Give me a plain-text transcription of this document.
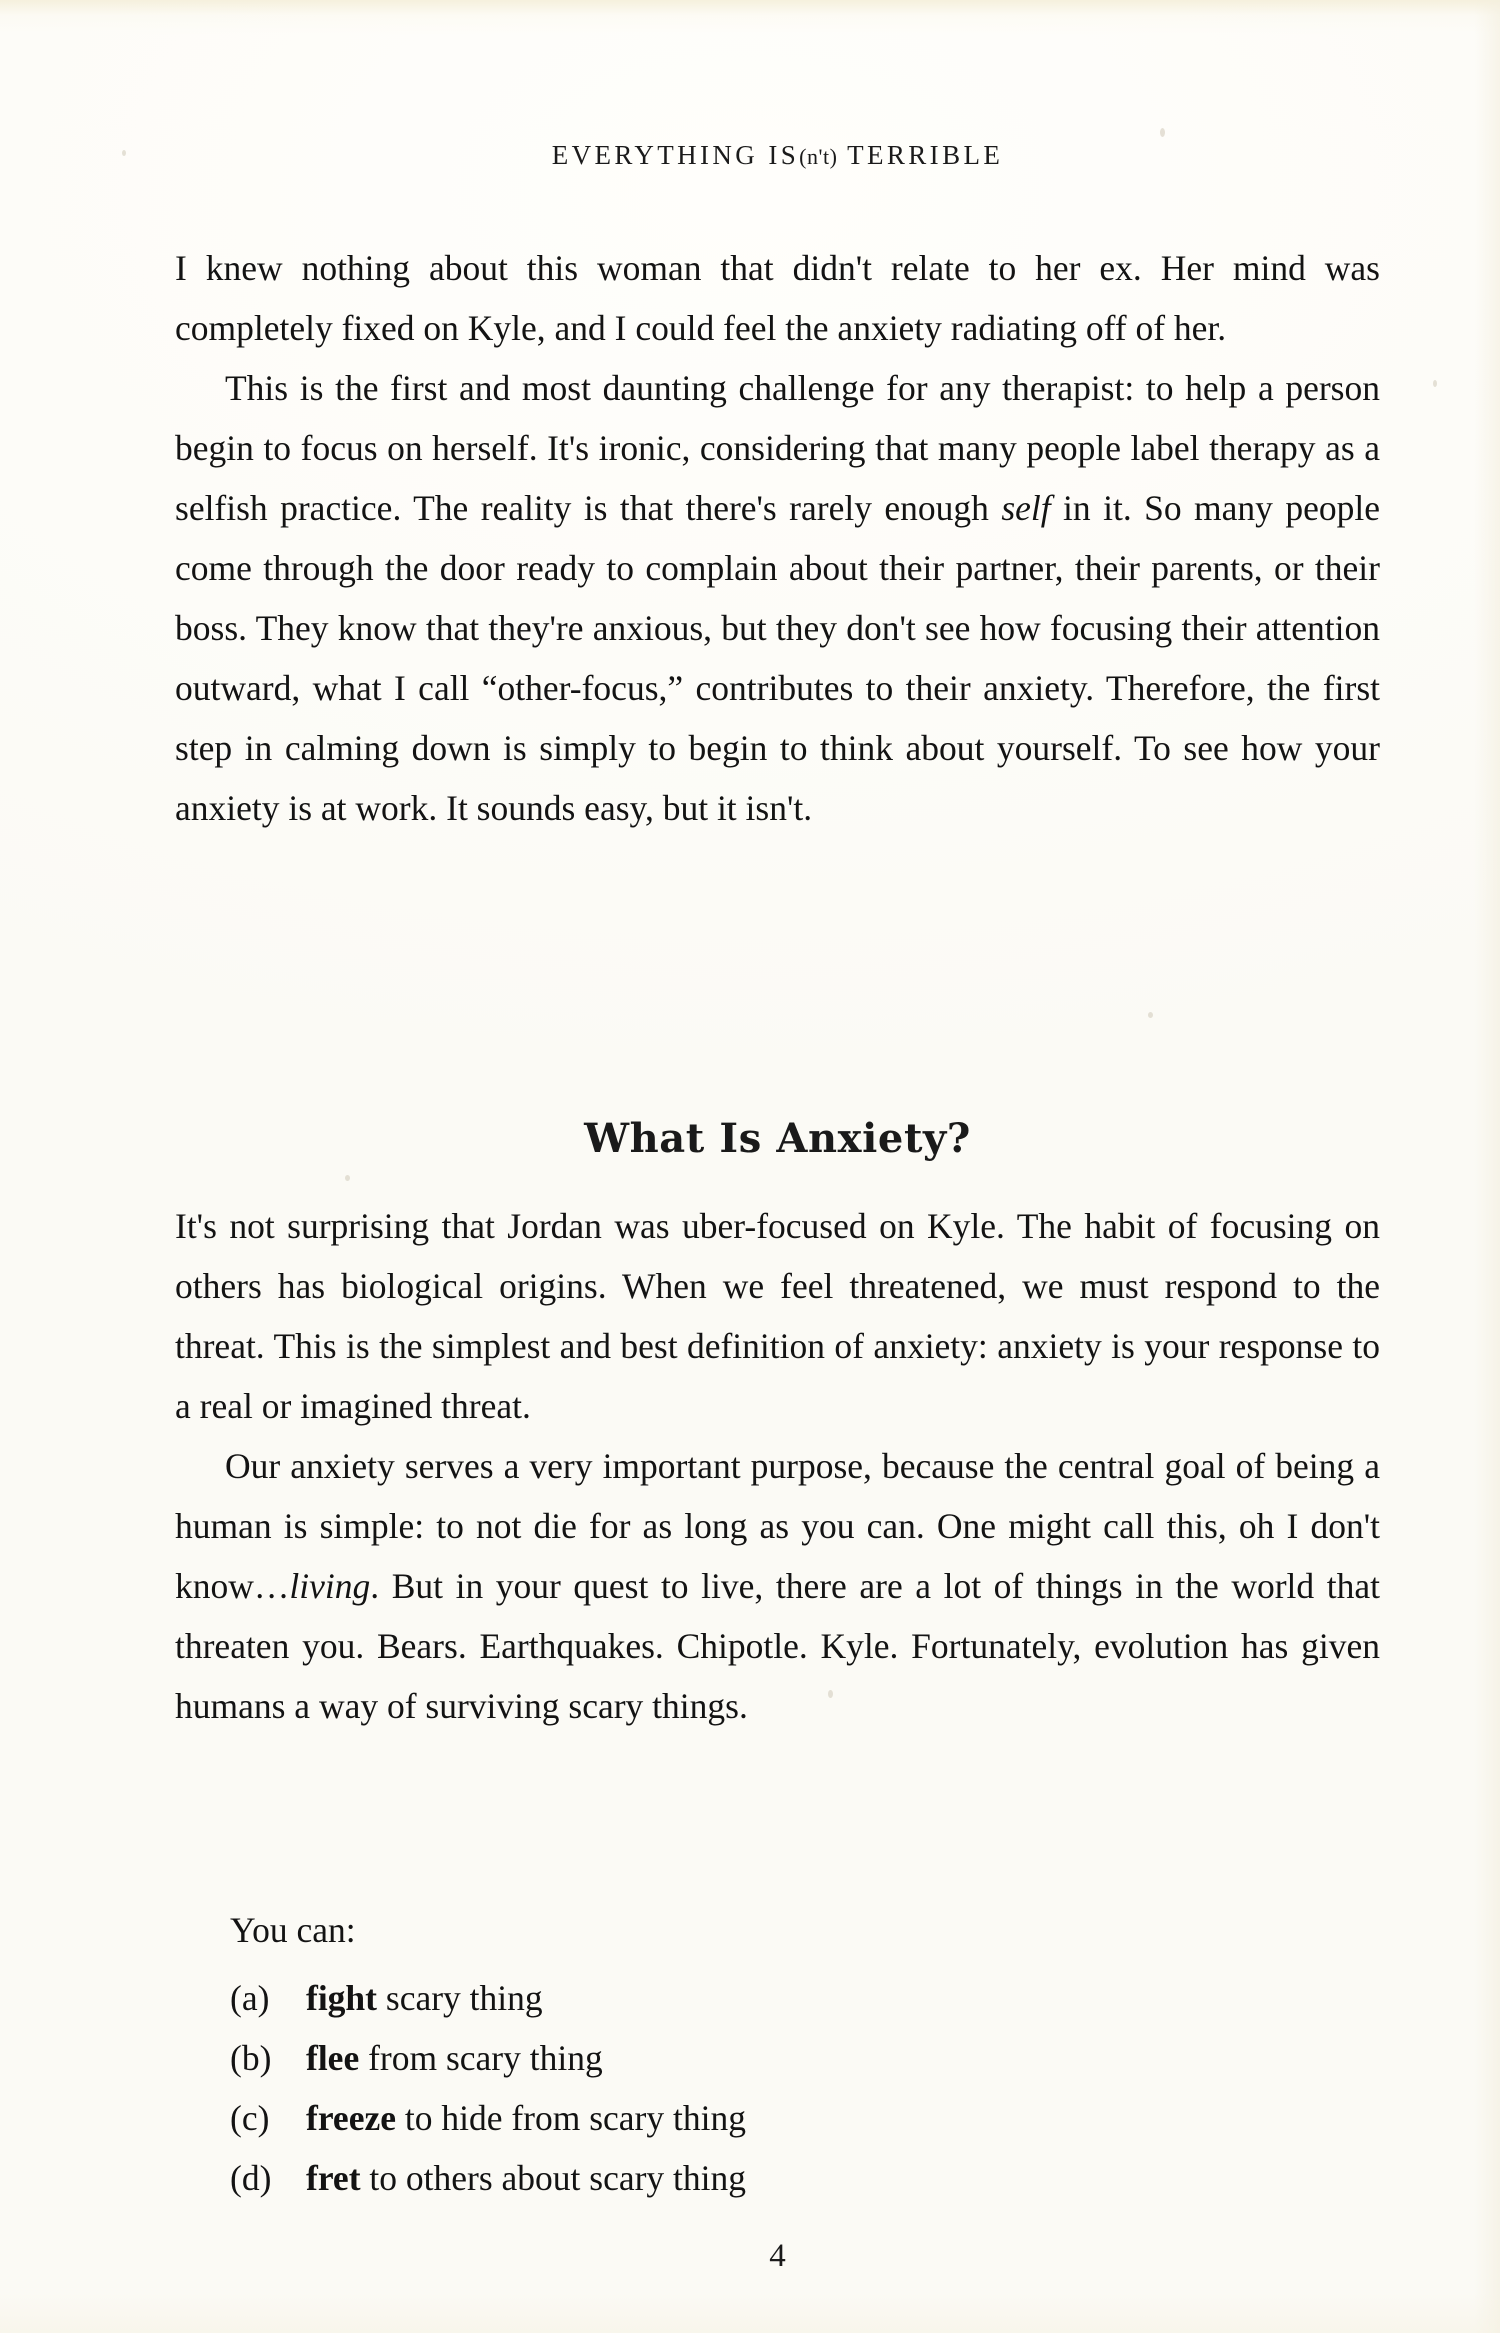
EVERYTHING IS(n't) TERRIBLE

I knew nothing about this woman that didn't relate to her ex. Her mind was completely fixed on Kyle, and I could feel the anxiety radiating off of her.

This is the first and most daunting challenge for any therapist: to help a person begin to focus on herself. It's ironic, considering that many people label therapy as a selfish practice. The reality is that there's rarely enough self in it. So many people come through the door ready to complain about their partner, their parents, or their boss. They know that they're anxious, but they don't see how focusing their attention outward, what I call “other-focus,” contributes to their anxiety. Therefore, the first step in calming down is simply to begin to think about yourself. To see how your anxiety is at work. It sounds easy, but it isn't.

What Is Anxiety?

It's not surprising that Jordan was uber-focused on Kyle. The habit of focusing on others has biological origins. When we feel threatened, we must respond to the threat. This is the simplest and best definition of anxiety: anxiety is your response to a real or imagined threat.

Our anxiety serves a very important purpose, because the central goal of being a human is simple: to not die for as long as you can. One might call this, oh I don't know…living. But in your quest to live, there are a lot of things in the world that threaten you. Bears. Earthquakes. Chipotle. Kyle. Fortunately, evolution has given humans a way of surviving scary things.

You can:

(a)	fight scary thing
(b) flee from scary thing
(c)	freeze to hide from scary thing
(d) fret to others about scary thing
4
